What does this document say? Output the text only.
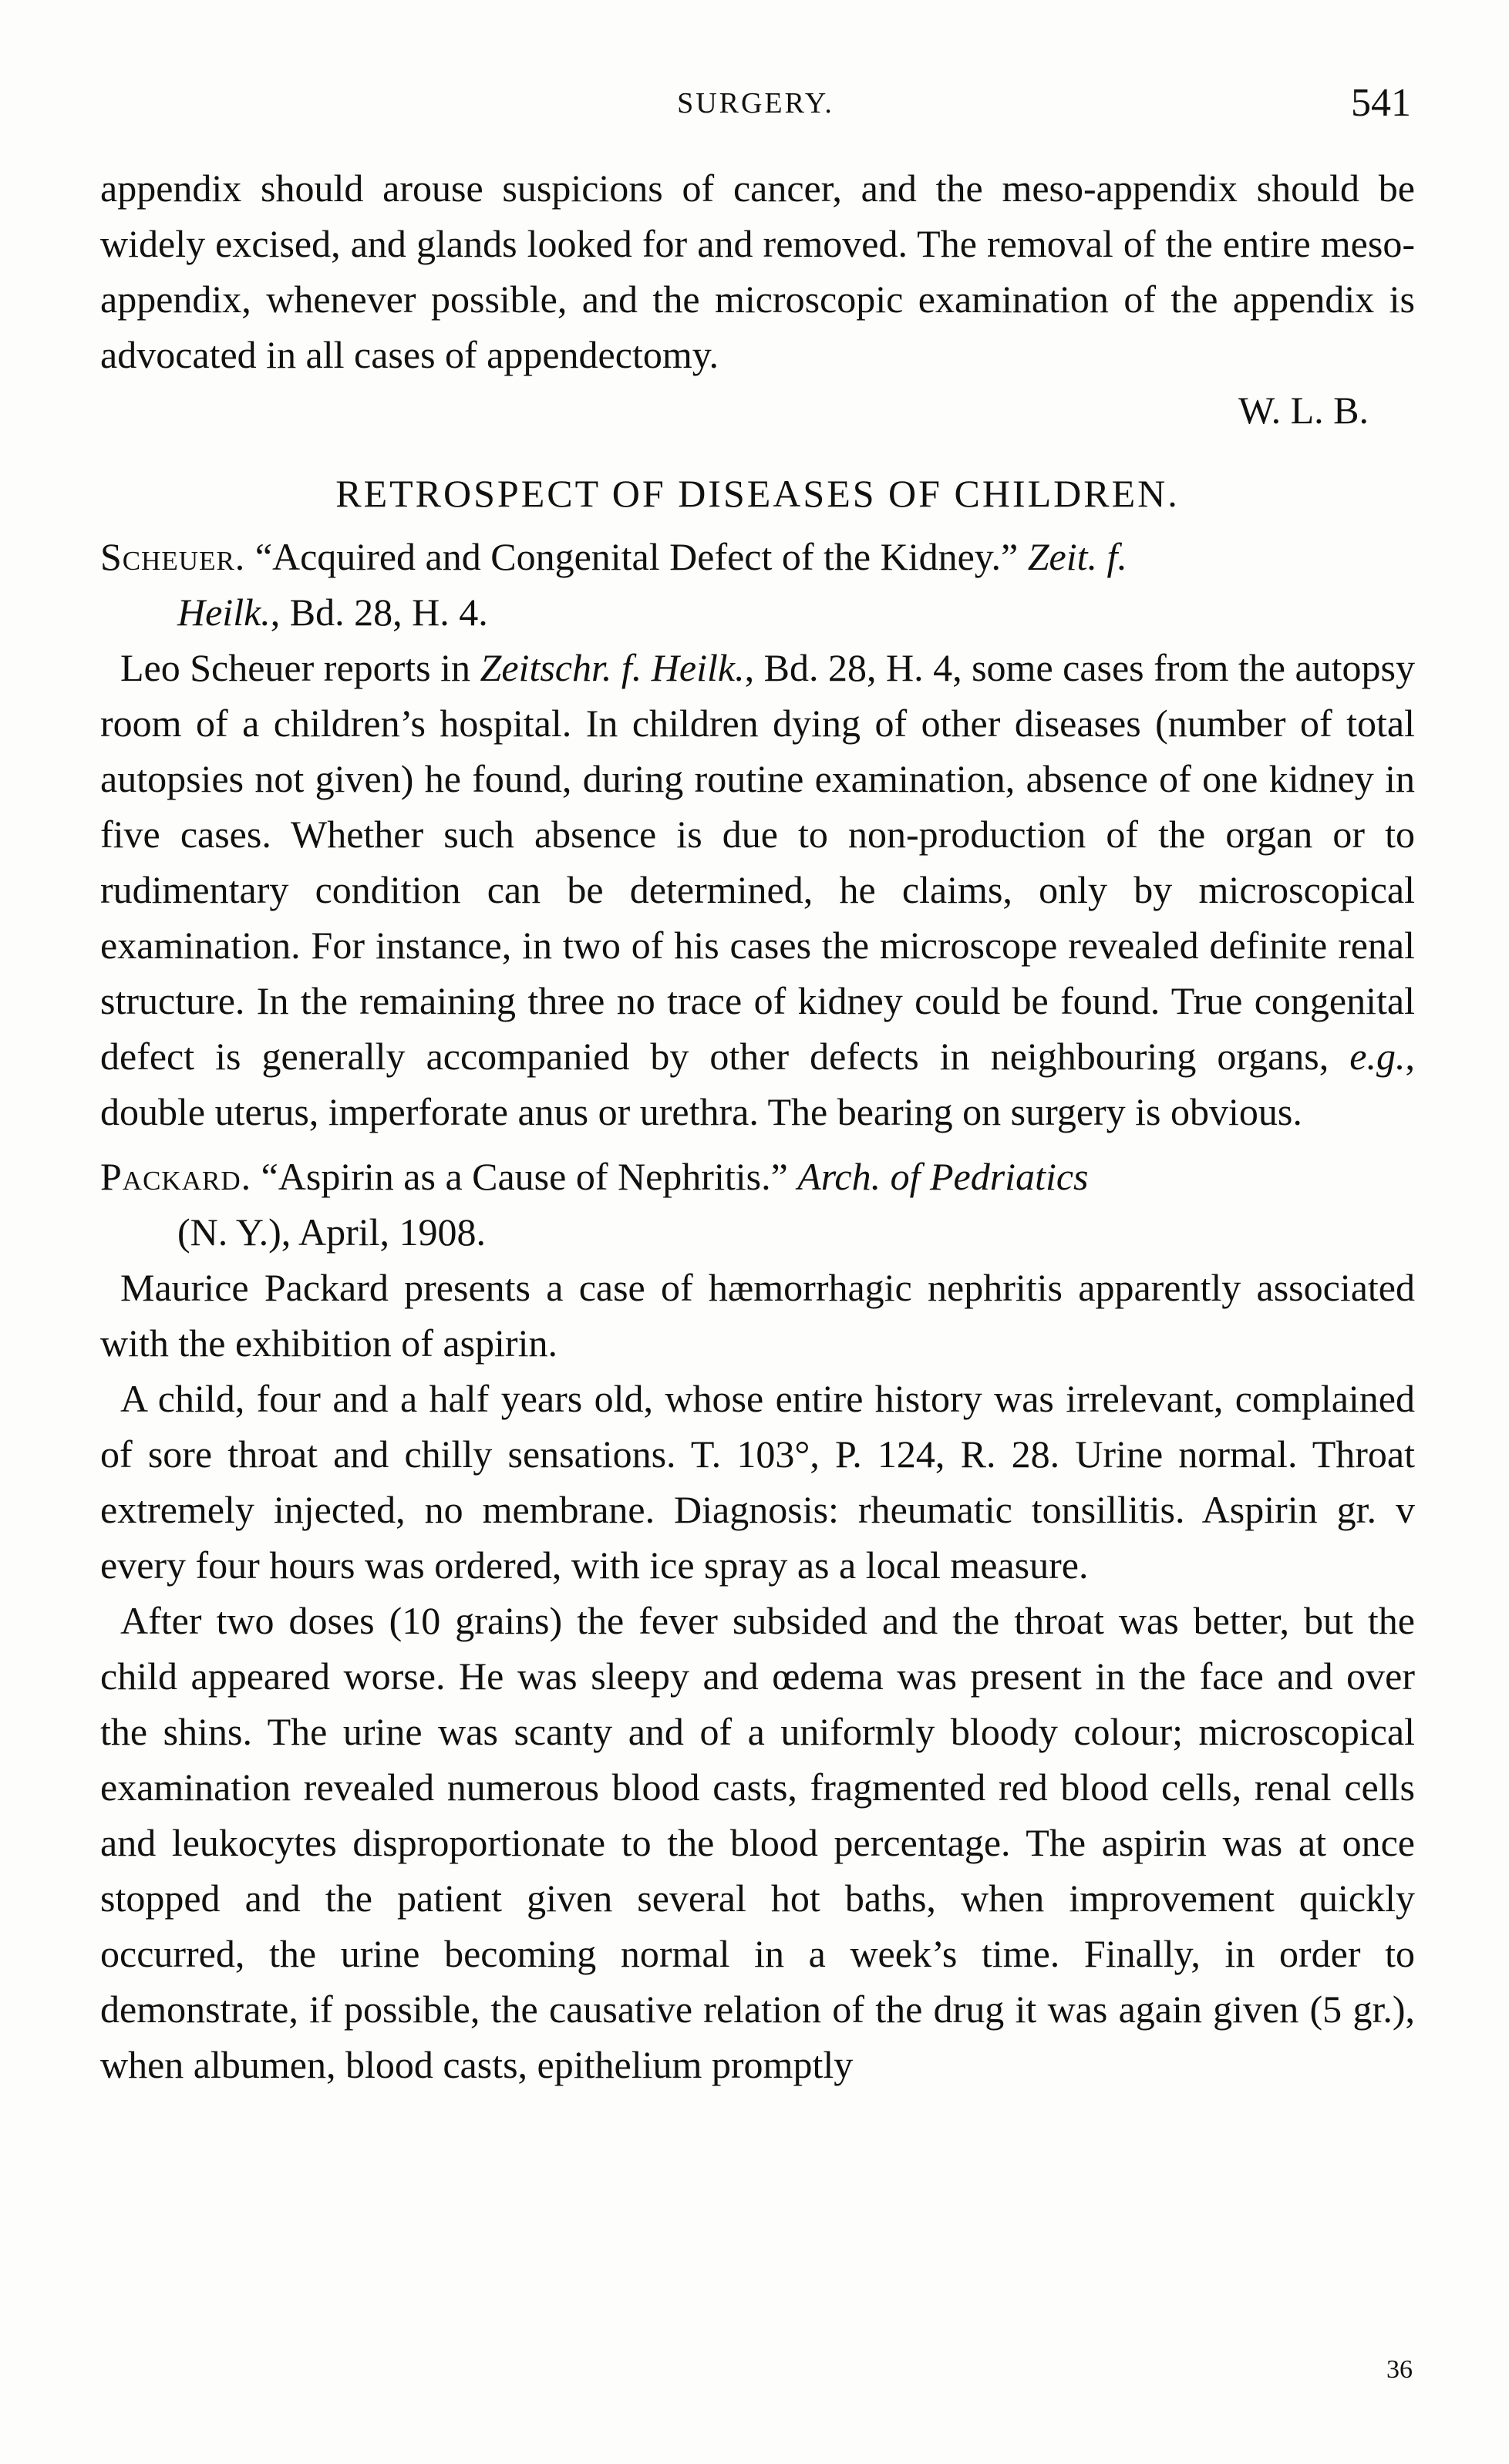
SURGERY.	541

appendix should arouse suspicions of cancer, and the meso-appendix should be widely excised, and glands looked for and removed. The removal of the entire meso-appendix, whenever possible, and the microscopic examination of the appendix is advocated in all cases of appendectomy.

W. L. B.

RETROSPECT OF DISEASES OF CHILDREN.

Scheuer. “Acquired and Congenital Defect of the Kidney.” Zeit. f.
Heilk., Bd. 28, H. 4.

Leo Scheuer reports in Zeitschr. f. Heilk., Bd. 28, H. 4, some cases from the autopsy room of a children’s hospital. In children dying of other diseases (number of total autopsies not given) he found, during routine examination, absence of one kidney in five cases. Whether such absence is due to non-production of the organ or to rudimentary condition can be determined, he claims, only by microscopical examination. For instance, in two of his cases the microscope revealed definite renal structure. In the remaining three no trace of kidney could be found. True congenital defect is generally accompanied by other defects in neighbouring organs, e.g., double uterus, imperforate anus or urethra. The bearing on surgery is obvious.

Packard. “Aspirin as a Cause of Nephritis.” Arch. of Pedriatics
(N. Y.), April, 1908.

Maurice Packard presents a case of hæmorrhagic nephritis apparently associated with the exhibition of aspirin.

A child, four and a half years old, whose entire history was irrelevant, complained of sore throat and chilly sensations. T. 103°, P. 124, R. 28. Urine normal. Throat extremely injected, no membrane. Diagnosis: rheumatic tonsillitis. Aspirin gr. v every four hours was ordered, with ice spray as a local measure.

After two doses (10 grains) the fever subsided and the throat was better, but the child appeared worse. He was sleepy and œdema was present in the face and over the shins. The urine was scanty and of a uniformly bloody colour; microscopical examination revealed numerous blood casts, fragmented red blood cells, renal cells and leukocytes disproportionate to the blood percentage. The aspirin was at once stopped and the patient given several hot baths, when improvement quickly occurred, the urine becoming normal in a week’s time. Finally, in order to demonstrate, if possible, the causative relation of the drug it was again given (5 gr.), when albumen, blood casts, epithelium promptly

36
